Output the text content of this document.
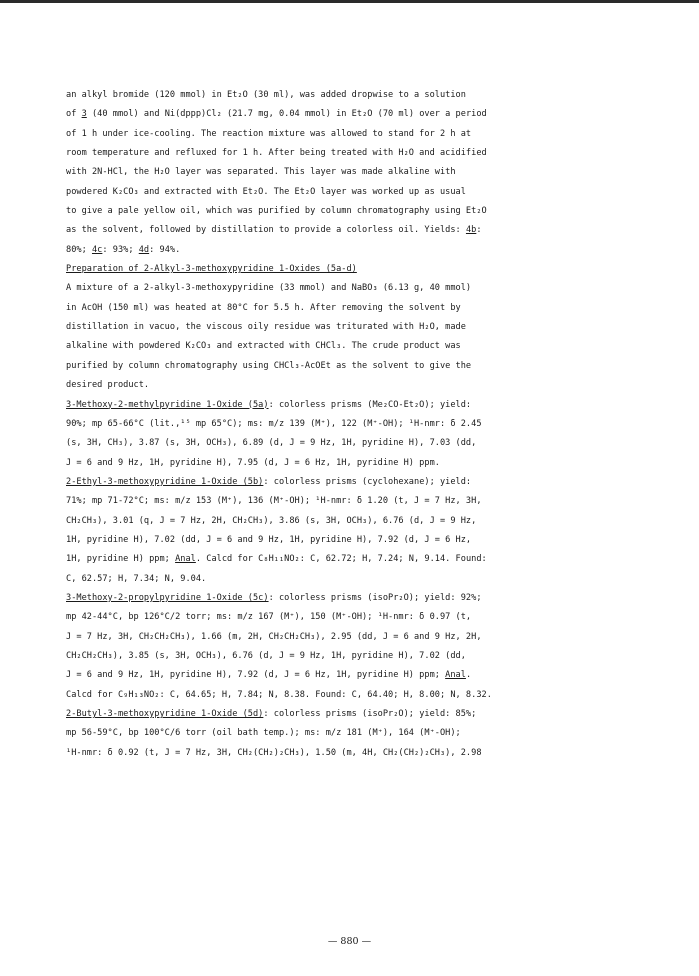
an alkyl bromide (120 mmol) in Et₂O (30 ml), was added dropwise to a solution
of 3 (40 mmol) and Ni(dppp)Cl₂ (21.7 mg, 0.04 mmol) in Et₂O (70 ml) over a period
of 1 h under ice-cooling. The reaction mixture was allowed to stand for 2 h at
room temperature and refluxed for 1 h. After being treated with H₂O and acidified
with 2N-HCl, the H₂O layer was separated. This layer was made alkaline with
powdered K₂CO₃ and extracted with Et₂O. The Et₂O layer was worked up as usual
to give a pale yellow oil, which was purified by column chromatography using Et₂O
as the solvent, followed by distillation to provide a colorless oil. Yields: 4b:
80%; 4c: 93%; 4d: 94%.
Preparation of 2-Alkyl-3-methoxypyridine 1-Oxides (5a-d)
A mixture of a 2-alkyl-3-methoxypyridine (33 mmol) and NaBO₃ (6.13 g, 40 mmol)
in AcOH (150 ml) was heated at 80°C for 5.5 h. After removing the solvent by
distillation in vacuo, the viscous oily residue was triturated with H₂O, made
alkaline with powdered K₂CO₃ and extracted with CHCl₃. The crude product was
purified by column chromatography using CHCl₃-AcOEt as the solvent to give the
desired product.
3-Methoxy-2-methylpyridine 1-Oxide (5a): colorless prisms (Me₂CO-Et₂O); yield:
90%; mp 65-66°C (lit.,¹⁵ mp 65°C); ms: m/z 139 (M⁺), 122 (M⁺-OH); ¹H-nmr: δ 2.45
(s, 3H, CH₃), 3.87 (s, 3H, OCH₃), 6.89 (d, J = 9 Hz, 1H, pyridine H), 7.03 (dd,
J = 6 and 9 Hz, 1H, pyridine H), 7.95 (d, J = 6 Hz, 1H, pyridine H) ppm.
2-Ethyl-3-methoxypyridine 1-Oxide (5b): colorless prisms (cyclohexane); yield:
71%; mp 71-72°C; ms: m/z 153 (M⁺), 136 (M⁺-OH); ¹H-nmr: δ 1.20 (t, J = 7 Hz, 3H,
CH₂CH₃), 3.01 (q, J = 7 Hz, 2H, CH₂CH₃), 3.86 (s, 3H, OCH₃), 6.76 (d, J = 9 Hz,
1H, pyridine H), 7.02 (dd, J = 6 and 9 Hz, 1H, pyridine H), 7.92 (d, J = 6 Hz,
1H, pyridine H) ppm; Anal. Calcd for C₈H₁₁NO₂: C, 62.72; H, 7.24; N, 9.14. Found:
C, 62.57; H, 7.34; N, 9.04.
3-Methoxy-2-propylpyridine 1-Oxide (5c): colorless prisms (isoPr₂O); yield: 92%;
mp 42-44°C, bp 126°C/2 torr; ms: m/z 167 (M⁺), 150 (M⁺-OH); ¹H-nmr: δ 0.97 (t,
J = 7 Hz, 3H, CH₂CH₂CH₃), 1.66 (m, 2H, CH₂CH₂CH₃), 2.95 (dd, J = 6 and 9 Hz, 2H,
CH₂CH₂CH₃), 3.85 (s, 3H, OCH₃), 6.76 (d, J = 9 Hz, 1H, pyridine H), 7.02 (dd,
J = 6 and 9 Hz, 1H, pyridine H), 7.92 (d, J = 6 Hz, 1H, pyridine H) ppm; Anal.
Calcd for C₉H₁₃NO₂: C, 64.65; H, 7.84; N, 8.38. Found: C, 64.40; H, 8.00; N, 8.32.
2-Butyl-3-methoxypyridine 1-Oxide (5d): colorless prisms (isoPr₂O); yield: 85%;
mp 56-59°C, bp 100°C/6 torr (oil bath temp.); ms: m/z 181 (M⁺), 164 (M⁺-OH);
¹H-nmr: δ 0.92 (t, J = 7 Hz, 3H, CH₂(CH₂)₂CH₃), 1.50 (m, 4H, CH₂(CH₂)₂CH₃), 2.98
— 880 —
